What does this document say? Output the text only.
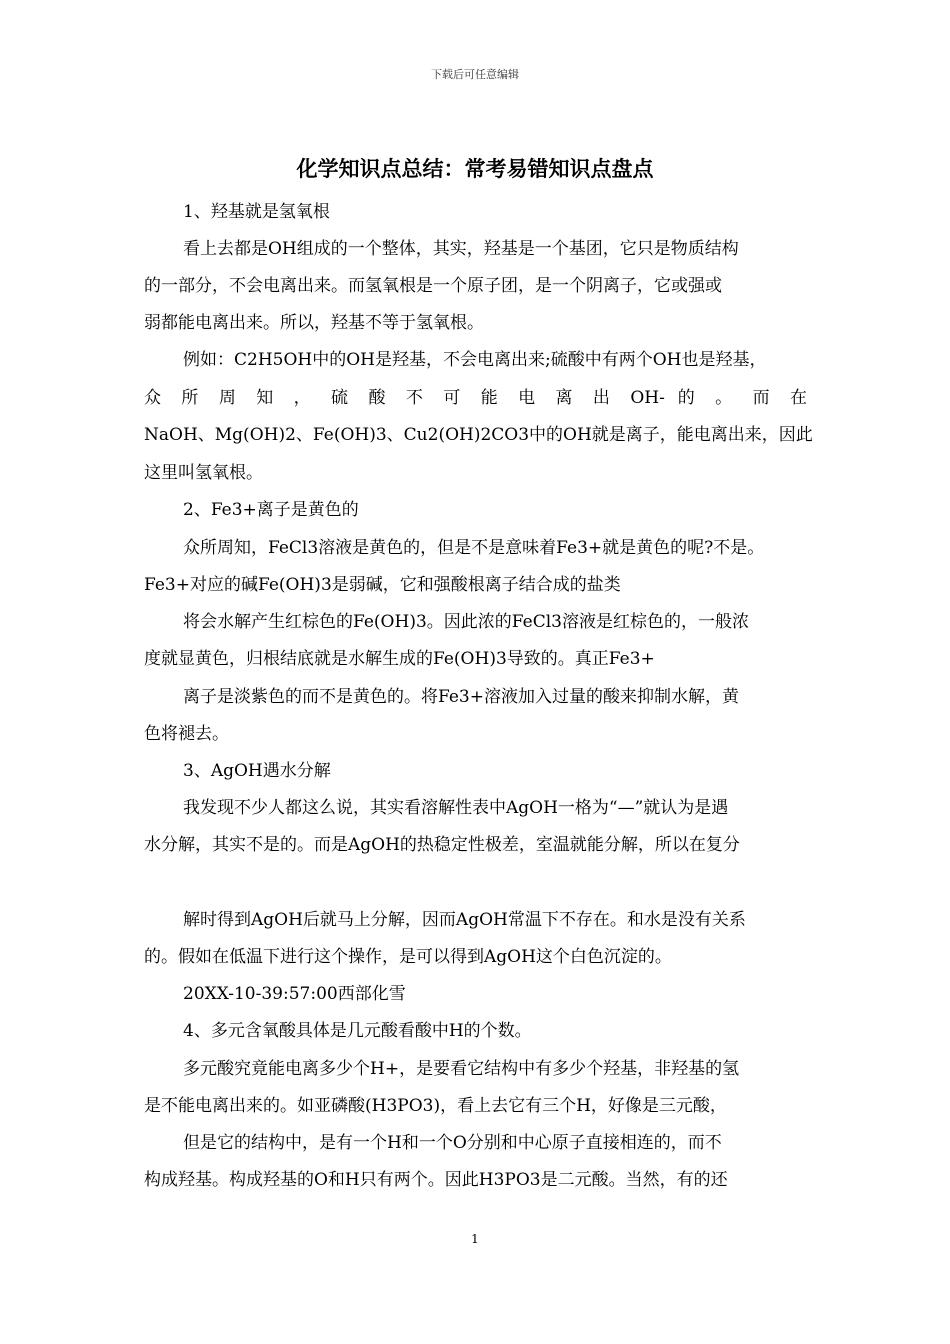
下载后可任意编辑
化学知识点总结：常考易错知识点盘点
1、羟基就是氢氧根
看上去都是OH组成的一个整体，其实，羟基是一个基团，它只是物质结构
的一部分，不会电离出来。而氢氧根是一个原子团，是一个阴离子，它或强或
弱都能电离出来。所以，羟基不等于氢氧根。
例如：C2H5OH中的OH是羟基，不会电离出来;硫酸中有两个OH也是羟基，
众 所 周 知 ， 硫 酸 不 可 能 电 离 出 OH- 的 。 而 在
NaOH、Mg(OH)2、Fe(OH)3、Cu2(OH)2CO3中的OH就是离子，能电离出来，因此
这里叫氢氧根。
2、Fe3+离子是黄色的
众所周知，FeCl3溶液是黄色的，但是不是意味着Fe3+就是黄色的呢?不是。
Fe3+对应的碱Fe(OH)3是弱碱，它和强酸根离子结合成的盐类
将会水解产生红棕色的Fe(OH)3。因此浓的FeCl3溶液是红棕色的，一般浓
度就显黄色，归根结底就是水解生成的Fe(OH)3导致的。真正Fe3+
离子是淡紫色的而不是黄色的。将Fe3+溶液加入过量的酸来抑制水解，黄
色将褪去。
3、AgOH遇水分解
我发现不少人都这么说，其实看溶解性表中AgOH一格为“—”就认为是遇
水分解，其实不是的。而是AgOH的热稳定性极差，室温就能分解，所以在复分
解时得到AgOH后就马上分解，因而AgOH常温下不存在。和水是没有关系
的。假如在低温下进行这个操作，是可以得到AgOH这个白色沉淀的。
20XX-10-39:57:00西部化雪
4、多元含氧酸具体是几元酸看酸中H的个数。
多元酸究竟能电离多少个H+，是要看它结构中有多少个羟基，非羟基的氢
是不能电离出来的。如亚磷酸(H3PO3)，看上去它有三个H，好像是三元酸，
但是它的结构中，是有一个H和一个O分别和中心原子直接相连的，而不
构成羟基。构成羟基的O和H只有两个。因此H3PO3是二元酸。当然，有的还
1
